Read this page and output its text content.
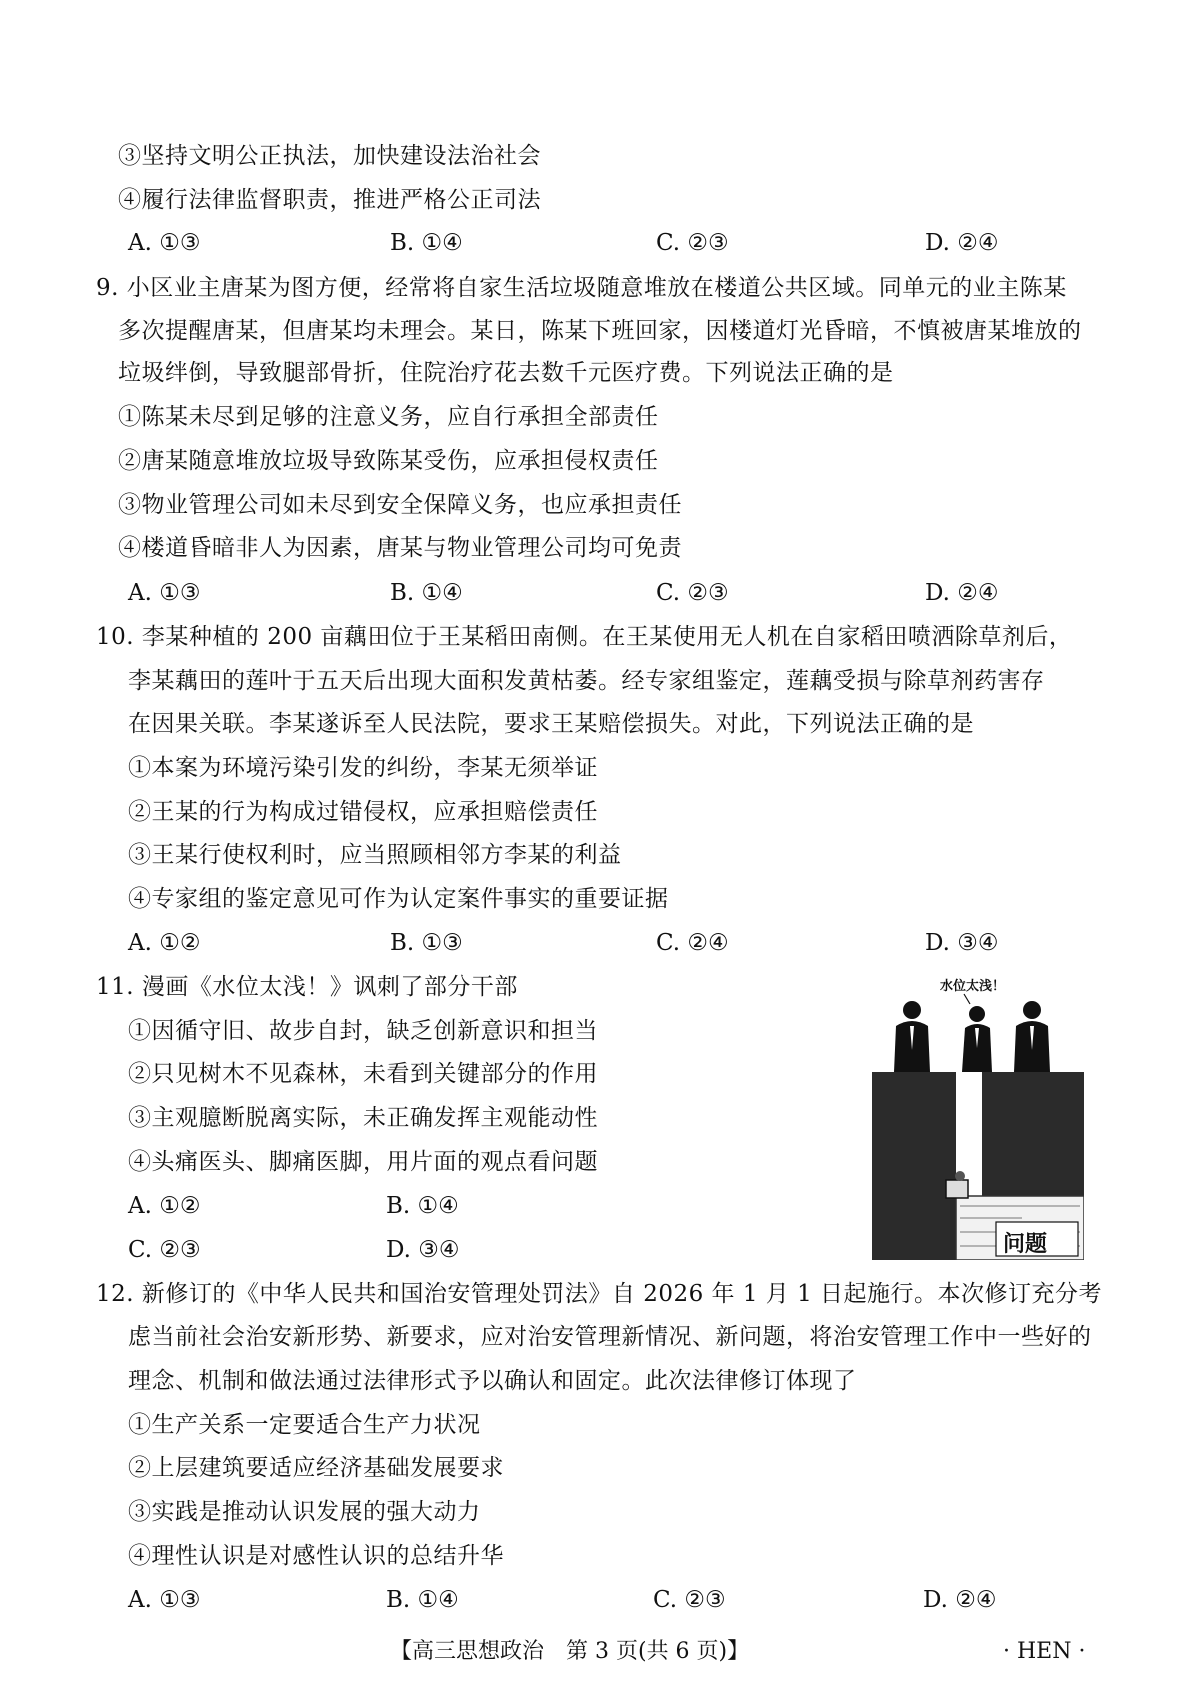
③坚持文明公正执法，加快建设法治社会
④履行法律监督职责，推进严格公正司法
A. ①③	B. ①④	C. ②③	D. ②④
9. 小区业主唐某为图方便，经常将自家生活垃圾随意堆放在楼道公共区域。同单元的业主陈某
多次提醒唐某，但唐某均未理会。某日，陈某下班回家，因楼道灯光昏暗，不慎被唐某堆放的
垃圾绊倒，导致腿部骨折，住院治疗花去数千元医疗费。下列说法正确的是
①陈某未尽到足够的注意义务，应自行承担全部责任
②唐某随意堆放垃圾导致陈某受伤，应承担侵权责任
③物业管理公司如未尽到安全保障义务，也应承担责任
④楼道昏暗非人为因素，唐某与物业管理公司均可免责
A. ①③	B. ①④	C. ②③	D. ②④
10. 李某种植的 200 亩藕田位于王某稻田南侧。在王某使用无人机在自家稻田喷洒除草剂后，
李某藕田的莲叶于五天后出现大面积发黄枯萎。经专家组鉴定，莲藕受损与除草剂药害存
在因果关联。李某遂诉至人民法院，要求王某赔偿损失。对此，下列说法正确的是
①本案为环境污染引发的纠纷，李某无须举证
②王某的行为构成过错侵权，应承担赔偿责任
③王某行使权利时，应当照顾相邻方李某的利益
④专家组的鉴定意见可作为认定案件事实的重要证据
A. ①②	B. ①③	C. ②④	D. ③④
11. 漫画《水位太浅！》讽刺了部分干部
①因循守旧、故步自封，缺乏创新意识和担当
②只见树木不见森林，未看到关键部分的作用
③主观臆断脱离实际，未正确发挥主观能动性
④头痛医头、脚痛医脚，用片面的观点看问题
A. ①②	B. ①④
C. ②③	D. ③④
水位太浅！
问题
12. 新修订的《中华人民共和国治安管理处罚法》自 2026 年 1 月 1 日起施行。本次修订充分考
虑当前社会治安新形势、新要求，应对治安管理新情况、新问题，将治安管理工作中一些好的
理念、机制和做法通过法律形式予以确认和固定。此次法律修订体现了
①生产关系一定要适合生产力状况
②上层建筑要适应经济基础发展要求
③实践是推动认识发展的强大动力
④理性认识是对感性认识的总结升华
A. ①③	B. ①④	C. ②③	D. ②④
【高三思想政治　第 3 页(共 6 页)】	· HEN ·
